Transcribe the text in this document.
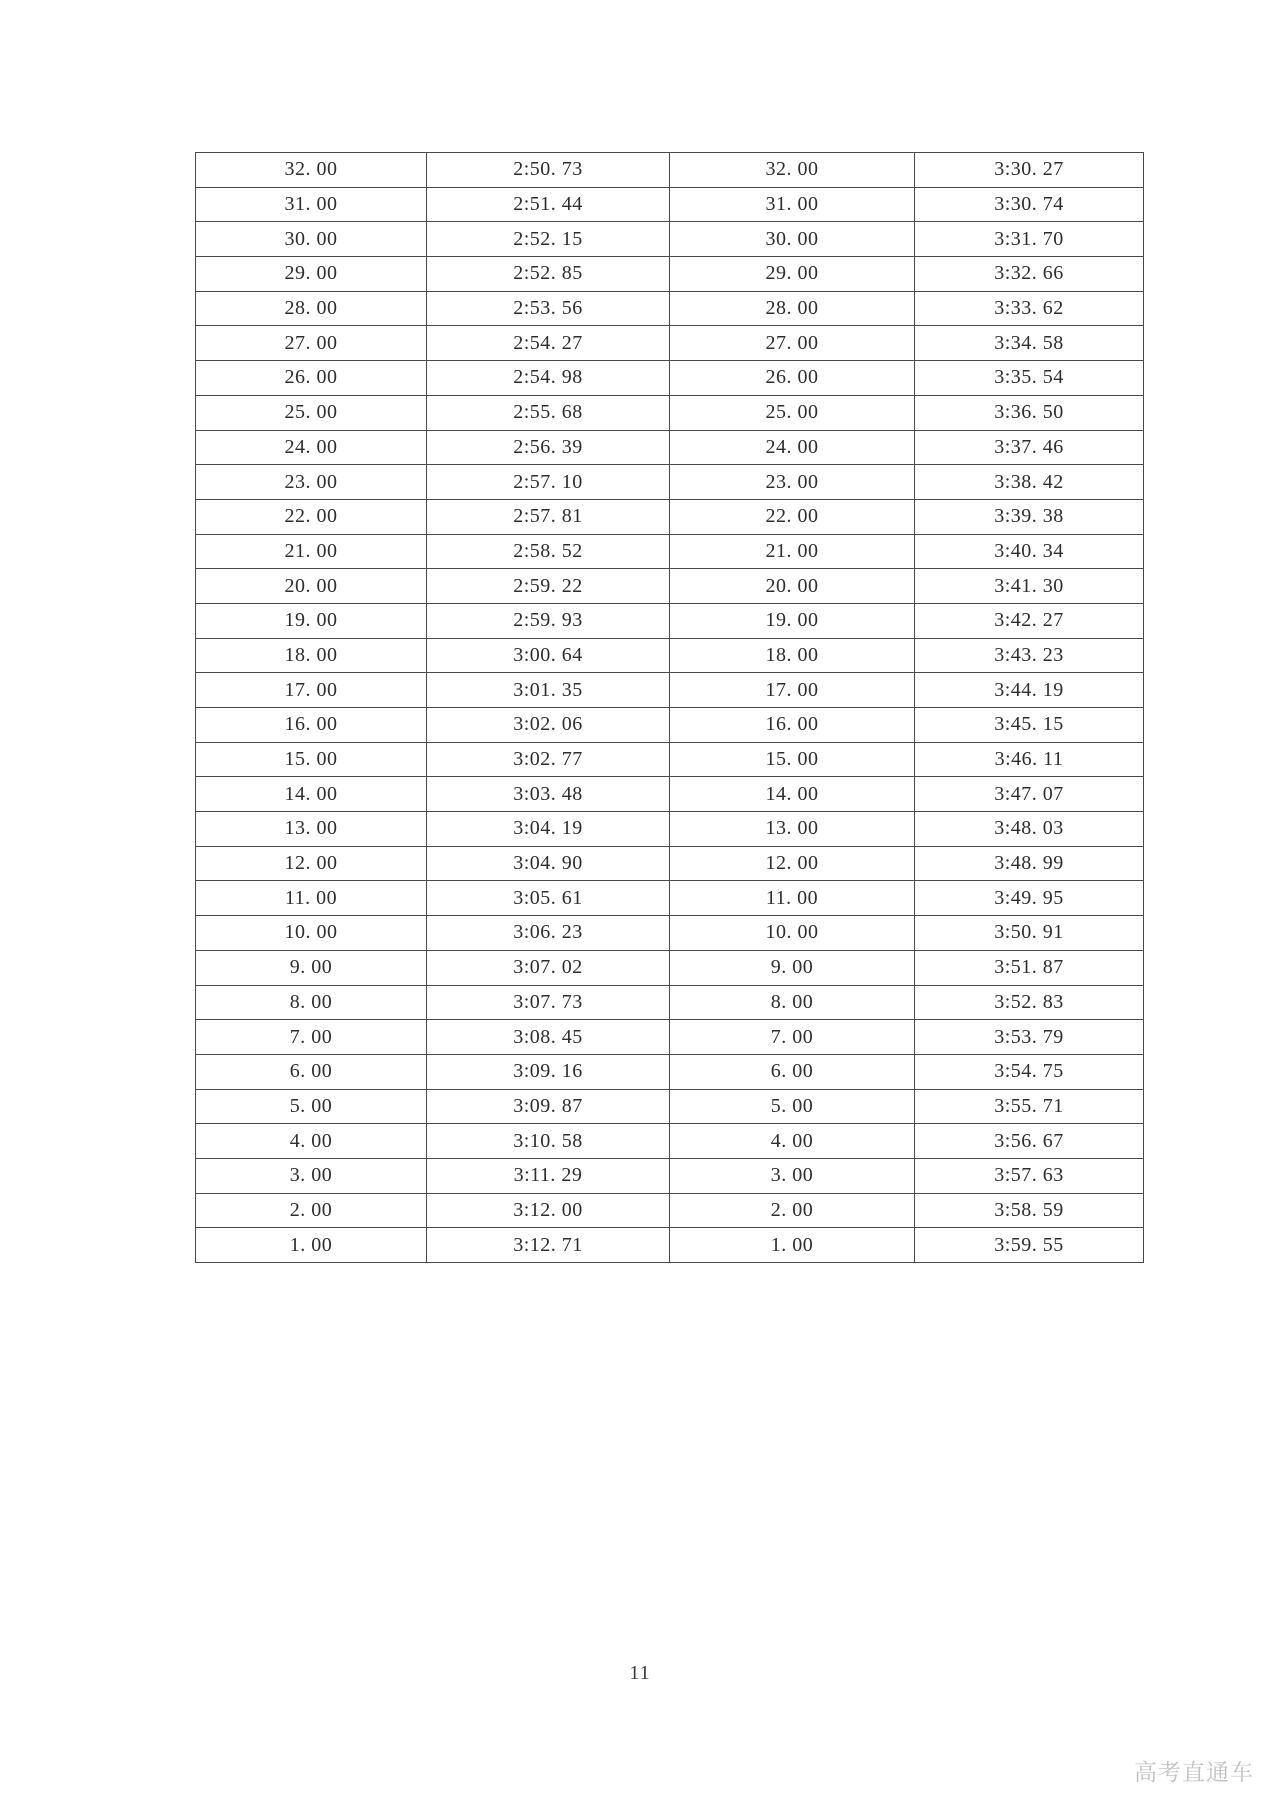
32. 00	2:50. 73	32. 00	3:30. 27
31. 00	2:51. 44	31. 00	3:30. 74
30. 00	2:52. 15	30. 00	3:31. 70
29. 00	2:52. 85	29. 00	3:32. 66
28. 00	2:53. 56	28. 00	3:33. 62
27. 00	2:54. 27	27. 00	3:34. 58
26. 00	2:54. 98	26. 00	3:35. 54
25. 00	2:55. 68	25. 00	3:36. 50
24. 00	2:56. 39	24. 00	3:37. 46
23. 00	2:57. 10	23. 00	3:38. 42
22. 00	2:57. 81	22. 00	3:39. 38
21. 00	2:58. 52	21. 00	3:40. 34
20. 00	2:59. 22	20. 00	3:41. 30
19. 00	2:59. 93	19. 00	3:42. 27
18. 00	3:00. 64	18. 00	3:43. 23
17. 00	3:01. 35	17. 00	3:44. 19
16. 00	3:02. 06	16. 00	3:45. 15
15. 00	3:02. 77	15. 00	3:46. 11
14. 00	3:03. 48	14. 00	3:47. 07
13. 00	3:04. 19	13. 00	3:48. 03
12. 00	3:04. 90	12. 00	3:48. 99
11. 00	3:05. 61	11. 00	3:49. 95
10. 00	3:06. 23	10. 00	3:50. 91
9. 00	3:07. 02	9. 00	3:51. 87
8. 00	3:07. 73	8. 00	3:52. 83
7. 00	3:08. 45	7. 00	3:53. 79
6. 00	3:09. 16	6. 00	3:54. 75
5. 00	3:09. 87	5. 00	3:55. 71
4. 00	3:10. 58	4. 00	3:56. 67
3. 00	3:11. 29	3. 00	3:57. 63
2. 00	3:12. 00	2. 00	3:58. 59
1. 00	3:12. 71	1. 00	3:59. 55
11
高考直通车
